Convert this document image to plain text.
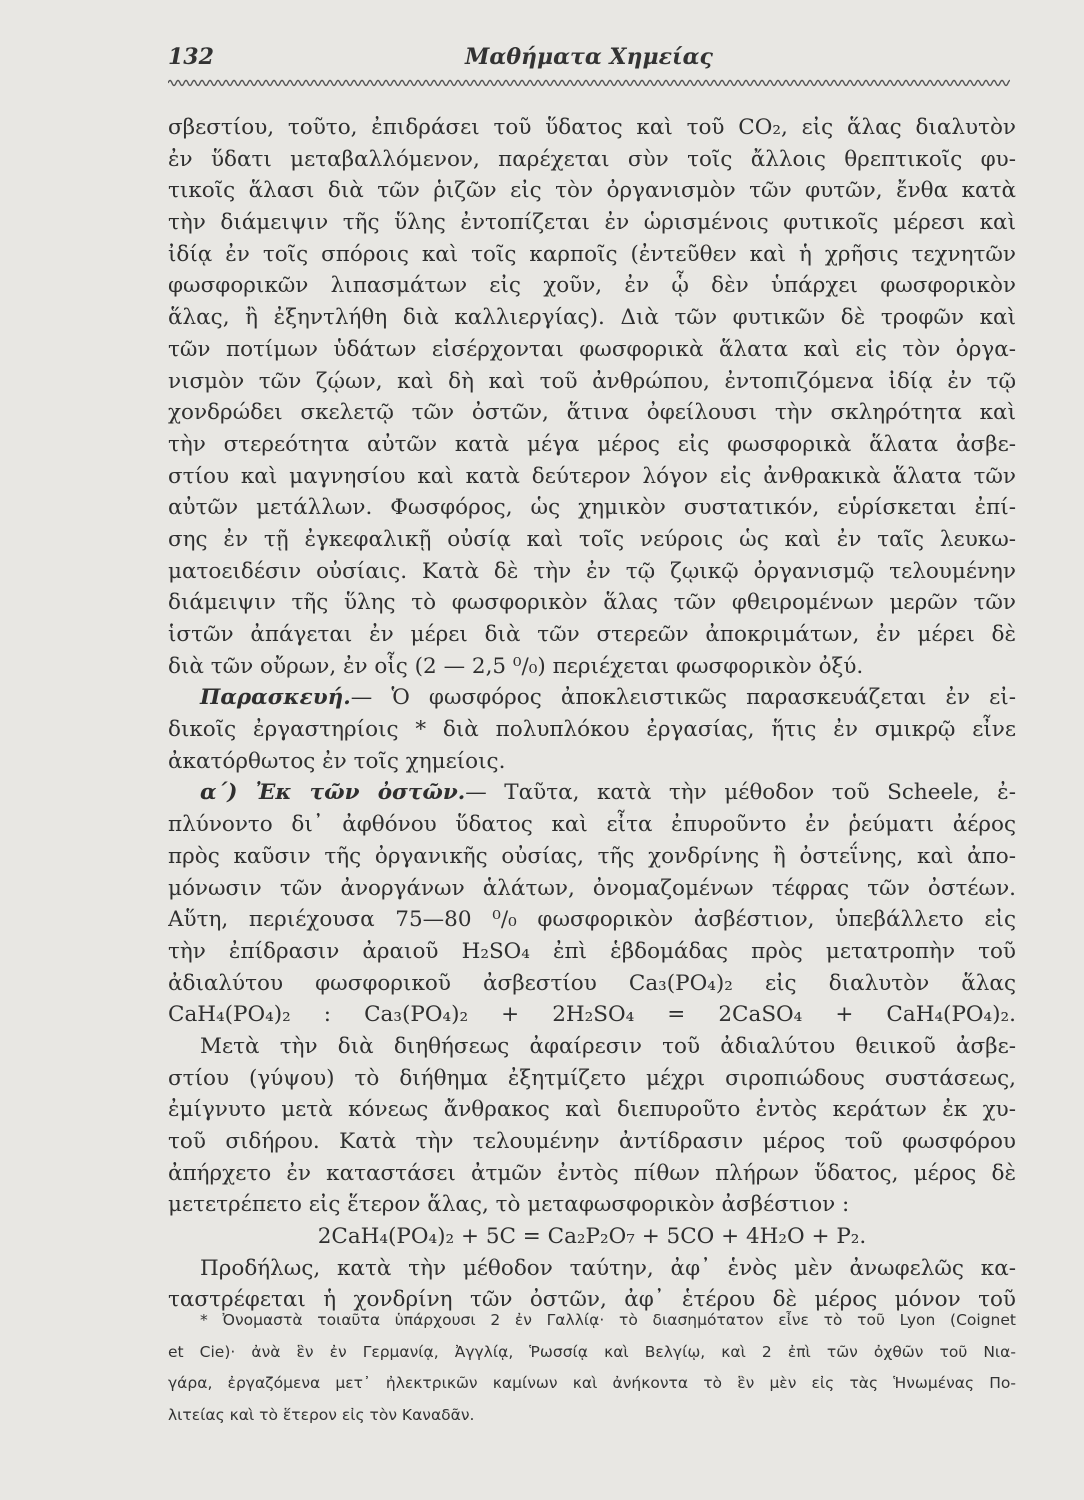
132	Μαθήματα Χημείας
σβεστίου, τοῦτο, ἐπιδράσει τοῦ ὕδατος καὶ τοῦ CO₂, εἰς ἅλας διαλυτὸν
ἐν ὕδατι μεταβαλλόμενον, παρέχεται σὺν τοῖς ἄλλοις θρεπτικοῖς φυ-
τικοῖς ἅλασι διὰ τῶν ῥιζῶν εἰς τὸν ὀργανισμὸν τῶν φυτῶν, ἔνθα κατὰ
τὴν διάμειψιν τῆς ὕλης ἐντοπίζεται ἐν ὡρισμένοις φυτικοῖς μέρεσι καὶ
ἰδίᾳ ἐν τοῖς σπόροις καὶ τοῖς καρποῖς (ἐντεῦθεν καὶ ἡ χρῆσις τεχνητῶν
φωσφορικῶν λιπασμάτων εἰς χοῦν, ἐν ᾧ δὲν ὑπάρχει φωσφορικὸν
ἅλας, ἢ ἐξηντλήθη διὰ καλλιεργίας). Διὰ τῶν φυτικῶν δὲ τροφῶν καὶ
τῶν ποτίμων ὑδάτων εἰσέρχονται φωσφορικὰ ἅλατα καὶ εἰς τὸν ὀργα-
νισμὸν τῶν ζῴων, καὶ δὴ καὶ τοῦ ἀνθρώπου, ἐντοπιζόμενα ἰδίᾳ ἐν τῷ
χονδρώδει σκελετῷ τῶν ὀστῶν, ἅτινα ὀφείλουσι τὴν σκληρότητα καὶ
τὴν στερεότητα αὐτῶν κατὰ μέγα μέρος εἰς φωσφορικὰ ἅλατα ἀσβε-
στίου καὶ μαγνησίου καὶ κατὰ δεύτερον λόγον εἰς ἀνθρακικὰ ἅλατα τῶν
αὐτῶν μετάλλων. Φωσφόρος, ὡς χημικὸν συστατικόν, εὑρίσκεται ἐπί-
σης ἐν τῇ ἐγκεφαλικῇ οὐσίᾳ καὶ τοῖς νεύροις ὡς καὶ ἐν ταῖς λευκω-
ματοειδέσιν οὐσίαις. Κατὰ δὲ τὴν ἐν τῷ ζῳικῷ ὀργανισμῷ τελουμένην
διάμειψιν τῆς ὕλης τὸ φωσφορικὸν ἅλας τῶν φθειρομένων μερῶν τῶν
ἱστῶν ἀπάγεται ἐν μέρει διὰ τῶν στερεῶν ἀποκριμάτων, ἐν μέρει δὲ
διὰ τῶν οὔρων, ἐν οἷς (2 — 2,5 ⁰/₀) περιέχεται φωσφορικὸν ὀξύ.
Παρασκευή.— Ὁ φωσφόρος ἀποκλειστικῶς παρασκευάζεται ἐν εἰ-
δικοῖς ἐργαστηρίοις * διὰ πολυπλόκου ἐργασίας, ἥτις ἐν σμικρῷ εἶνε
ἀκατόρθωτος ἐν τοῖς χημείοις.
α΄) Ἐκ τῶν ὀστῶν.— Ταῦτα, κατὰ τὴν μέθοδον τοῦ Scheele, ἐ-
πλύνοντο δι᾿ ἀφθόνου ὕδατος καὶ εἶτα ἐπυροῦντο ἐν ῥεύματι ἀέρος
πρὸς καῦσιν τῆς ὀργανικῆς οὐσίας, τῆς χονδρίνης ἢ ὀστεΐνης, καὶ ἀπο-
μόνωσιν τῶν ἀνοργάνων ἁλάτων, ὀνομαζομένων τέφρας τῶν ὀστέων.
Αὕτη, περιέχουσα 75—80 ⁰/₀ φωσφορικὸν ἀσβέστιον, ὑπεβάλλετο εἰς
τὴν ἐπίδρασιν ἀραιοῦ H₂SO₄ ἐπὶ ἑβδομάδας πρὸς μετατροπὴν τοῦ
ἀδιαλύτου φωσφορικοῦ ἀσβεστίου Ca₃(PO₄)₂ εἰς διαλυτὸν ἅλας
CaH₄(PO₄)₂ : Ca₃(PO₄)₂ + 2H₂SO₄ = 2CaSO₄ + CaH₄(PO₄)₂.
Μετὰ τὴν διὰ διηθήσεως ἀφαίρεσιν τοῦ ἀδιαλύτου θειικοῦ ἀσβε-
στίου (γύψου) τὸ διήθημα ἐξητμίζετο μέχρι σιροπιώδους συστάσεως,
ἐμίγνυτο μετὰ κόνεως ἄνθρακος καὶ διεπυροῦτο ἐντὸς κεράτων ἐκ χυ-
τοῦ σιδήρου. Κατὰ τὴν τελουμένην ἀντίδρασιν μέρος τοῦ φωσφόρου
ἀπήρχετο ἐν καταστάσει ἀτμῶν ἐντὸς πίθων πλήρων ὕδατος, μέρος δὲ
μετετρέπετο εἰς ἕτερον ἅλας, τὸ μεταφωσφορικὸν ἀσβέστιον :
2CaH₄(PO₄)₂ + 5C = Ca₂P₂O₇ + 5CO + 4H₂O + P₂.
Προδήλως, κατὰ τὴν μέθοδον ταύτην, ἀφ᾿ ἑνὸς μὲν ἀνωφελῶς κα-
ταστρέφεται ἡ χονδρίνη τῶν ὀστῶν, ἀφ᾿ ἑτέρου δὲ μέρος μόνον τοῦ
* Ὀνομαστὰ τοιαῦτα ὑπάρχουσι 2 ἐν Γαλλίᾳ· τὸ διασημότατον εἶνε τὸ τοῦ Lyon (Coignet
et Cie)· ἀνὰ ἓν ἐν Γερμανίᾳ, Ἀγγλίᾳ, Ῥωσσίᾳ καὶ Βελγίῳ, καὶ 2 ἐπὶ τῶν ὀχθῶν τοῦ Νια-
γάρα, ἐργαζόμενα μετ᾿ ἠλεκτρικῶν καμίνων καὶ ἀνήκοντα τὸ ἓν μὲν εἰς τὰς Ἡνωμένας Πο-
λιτείας καὶ τὸ ἕτερον εἰς τὸν Καναδᾶν.
